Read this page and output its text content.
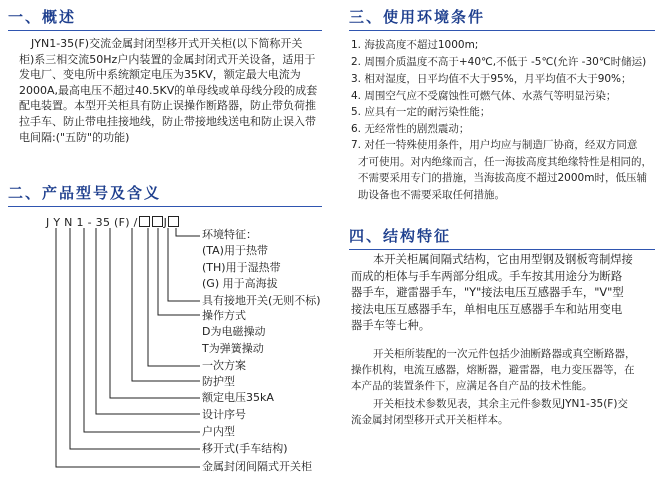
一、概述
JYN1-35(F)交流金属封闭型移开式开关柜(以下简称开关
柜)系三相交流50Hz户内装置的金属封闭式开关设备，适用于
发电厂、变电所中系统额定电压为35KV，额定最大电流为
2000A,最高电压不超过40.5KV的单母线或单母线分段的成套
配电装置。本型开关柜具有防止误操作断路器，防止带负荷推
拉手车、防止带电挂接地线，防止带接地线送电和防止误入带
电间隔:("五防"的功能)
二、产品型号及含义
J Y N 1 - 35 (F) / J
环境特征：
(TA)用于热带
(TH)用于湿热带
(G) 用于高海拔
具有接地开关(无则不标)
操作方式
D为电磁操动
T为弹簧操动
一次方案
防护型
额定电压35kA
设计序号
户内型
移开式(手车结构)
金属封闭间隔式开关柜
三、使用环境条件
1. 海拔高度不超过1000m;
2. 周围介质温度不高于+40℃,不低于 -5℃(允许 -30℃时储运)
3. 相对湿度，日平均值不大于95%，月平均值不大于90%；
4. 周围空气应不受腐蚀性可燃气体、水蒸气等明显污染；
5. 应具有一定的耐污染性能；
6. 无经常性的剧烈震动；
7. 对任一特殊使用条件，用户均应与制造厂协商，经双方同意
才可使用。对内绝缘而言，任一海拔高度其绝缘特性是相同的，
不需要采用专门的措施，当海拔高度不超过2000m时，低压辅
助设备也不需要采取任何措施。
四、结构特征
本开关柜属间隔式结构，它由用型钢及钢板弯制焊接
而成的柜体与手车两部分组成。手车按其用途分为断路
器手车，避雷器手车，"Y"接法电压互感器手车，"V"型
接法电压互感器手车，单相电压互感器手车和站用变电
器手车等七种。
开关柜所装配的一次元件包括少油断路器或真空断路器，
操作机构，电流互感器，熔断器，避雷器，电力变压器等，在
本产品的装置条件下，应满足各自产品的技术性能。
开关柜技术参数见表，其余主元件参数见JYN1-35(F)交
流金属封闭型移开式开关柜样本。
